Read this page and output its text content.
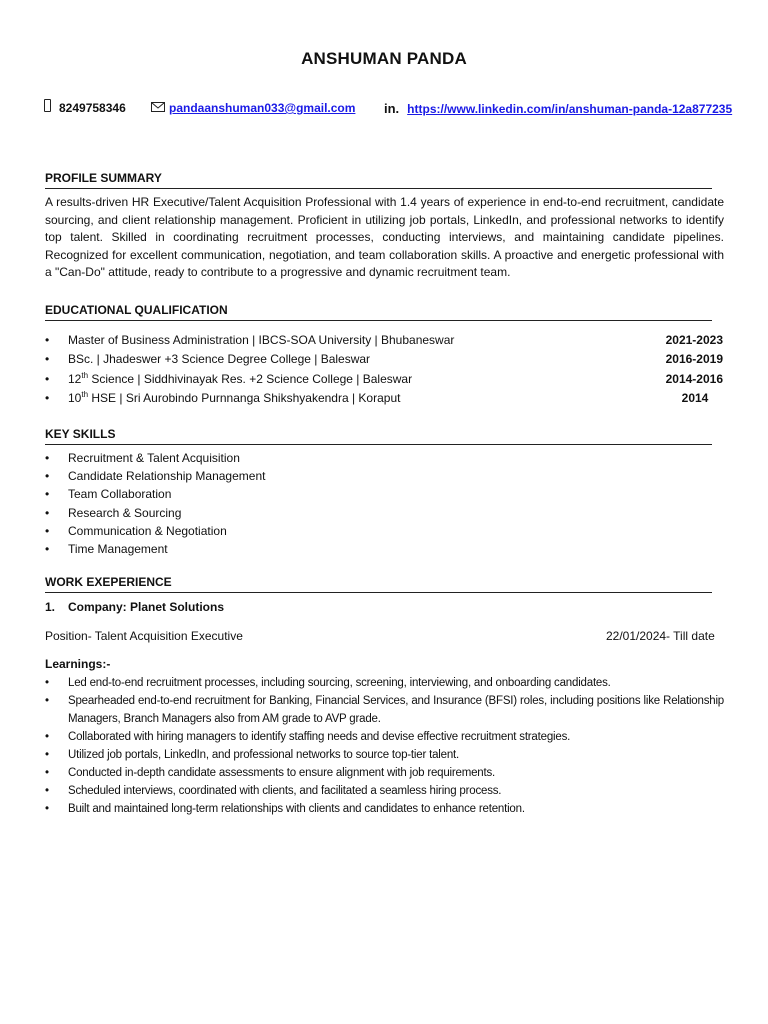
ANSHUMAN PANDA
8249758346	pandaanshuman033@gmail.com in. https://www.linkedin.com/in/anshuman-panda-12a877235
PROFILE SUMMARY

A results-driven HR Executive/Talent Acquisition Professional with 1.4 years of experience in end-to-end recruitment, candidate sourcing, and client relationship management. Proficient in utilizing job portals, LinkedIn, and professional networks to identify top talent. Skilled in coordinating recruitment processes, conducting interviews, and maintaining candidate pipelines. Recognized for excellent communication, negotiation, and team collaboration skills. A proactive and energetic professional with a "Can-Do" attitude, ready to contribute to a progressive and dynamic recruitment team.

EDUCATIONAL QUALIFICATION
• Master of Business Administration | IBCS-SOA University | Bhubaneswar	2021-2023
• BSc. | Jhadeswer +3 Science Degree College | Baleswar	2016-2019
• 12th Science | Siddhivinayak Res. +2 Science College | Baleswar	2014-2016
• 10th HSE | Sri Aurobindo Purnnanga Shikshyakendra | Koraput	2014
KEY SKILLS
• Recruitment & Talent Acquisition
• Candidate Relationship Management
• Team Collaboration
• Research & Sourcing
• Communication & Negotiation
• Time Management
WORK EXEPERIENCE
1. Company: Planet Solutions
Position- Talent Acquisition Executive	22/01/2024- Till date
Learnings:-
• Led end-to-end recruitment processes, including sourcing, screening, interviewing, and onboarding candidates.
• Spearheaded end-to-end recruitment for Banking, Financial Services, and Insurance (BFSI) roles, including positions like Relationship Managers, Branch Managers also from AM grade to AVP grade.
• Collaborated with hiring managers to identify staffing needs and devise effective recruitment strategies.
• Utilized job portals, LinkedIn, and professional networks to source top-tier talent.
• Conducted in-depth candidate assessments to ensure alignment with job requirements.
• Scheduled interviews, coordinated with clients, and facilitated a seamless hiring process.
• Built and maintained long-term relationships with clients and candidates to enhance retention.
